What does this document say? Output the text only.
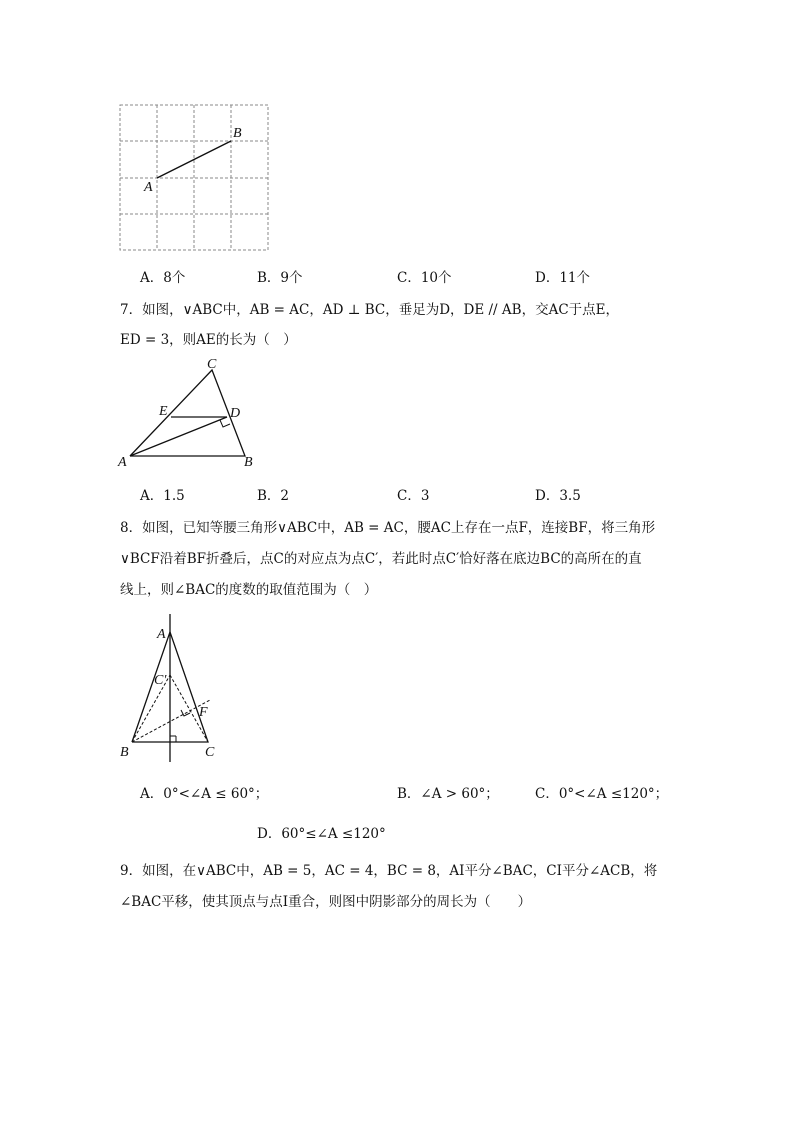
A
B
A．8个	B．9个	C．10个	D．11个
7．如图，∨ABC中，AB = AC，AD ⊥ BC，垂足为D，DE // AB，交AC于点E，
ED = 3，则AE的长为（　）
C
E	D
A	B
A．1.5	B．2	C．3	D．3.5
8．如图，已知等腰三角形∨ABC中，AB = AC，腰AC上存在一点F，连接BF，将三角形
∨BCF沿着BF折叠后，点C的对应点为点C′，若此时点C′恰好落在底边BC的高所在的直
线上，则∠BAC的度数的取值范围为（　）
A
C′
F
B	C
A．0°<∠A ≤ 60°；	B．∠A > 60°；	C．0°<∠A ≤120°；
D．60°≤∠A ≤120°
9．如图，在∨ABC中，AB = 5，AC = 4，BC = 8，AI平分∠BAC，CI平分∠ACB，将
∠BAC平移，使其顶点与点I重合，则图中阴影部分的周长为（　　）
